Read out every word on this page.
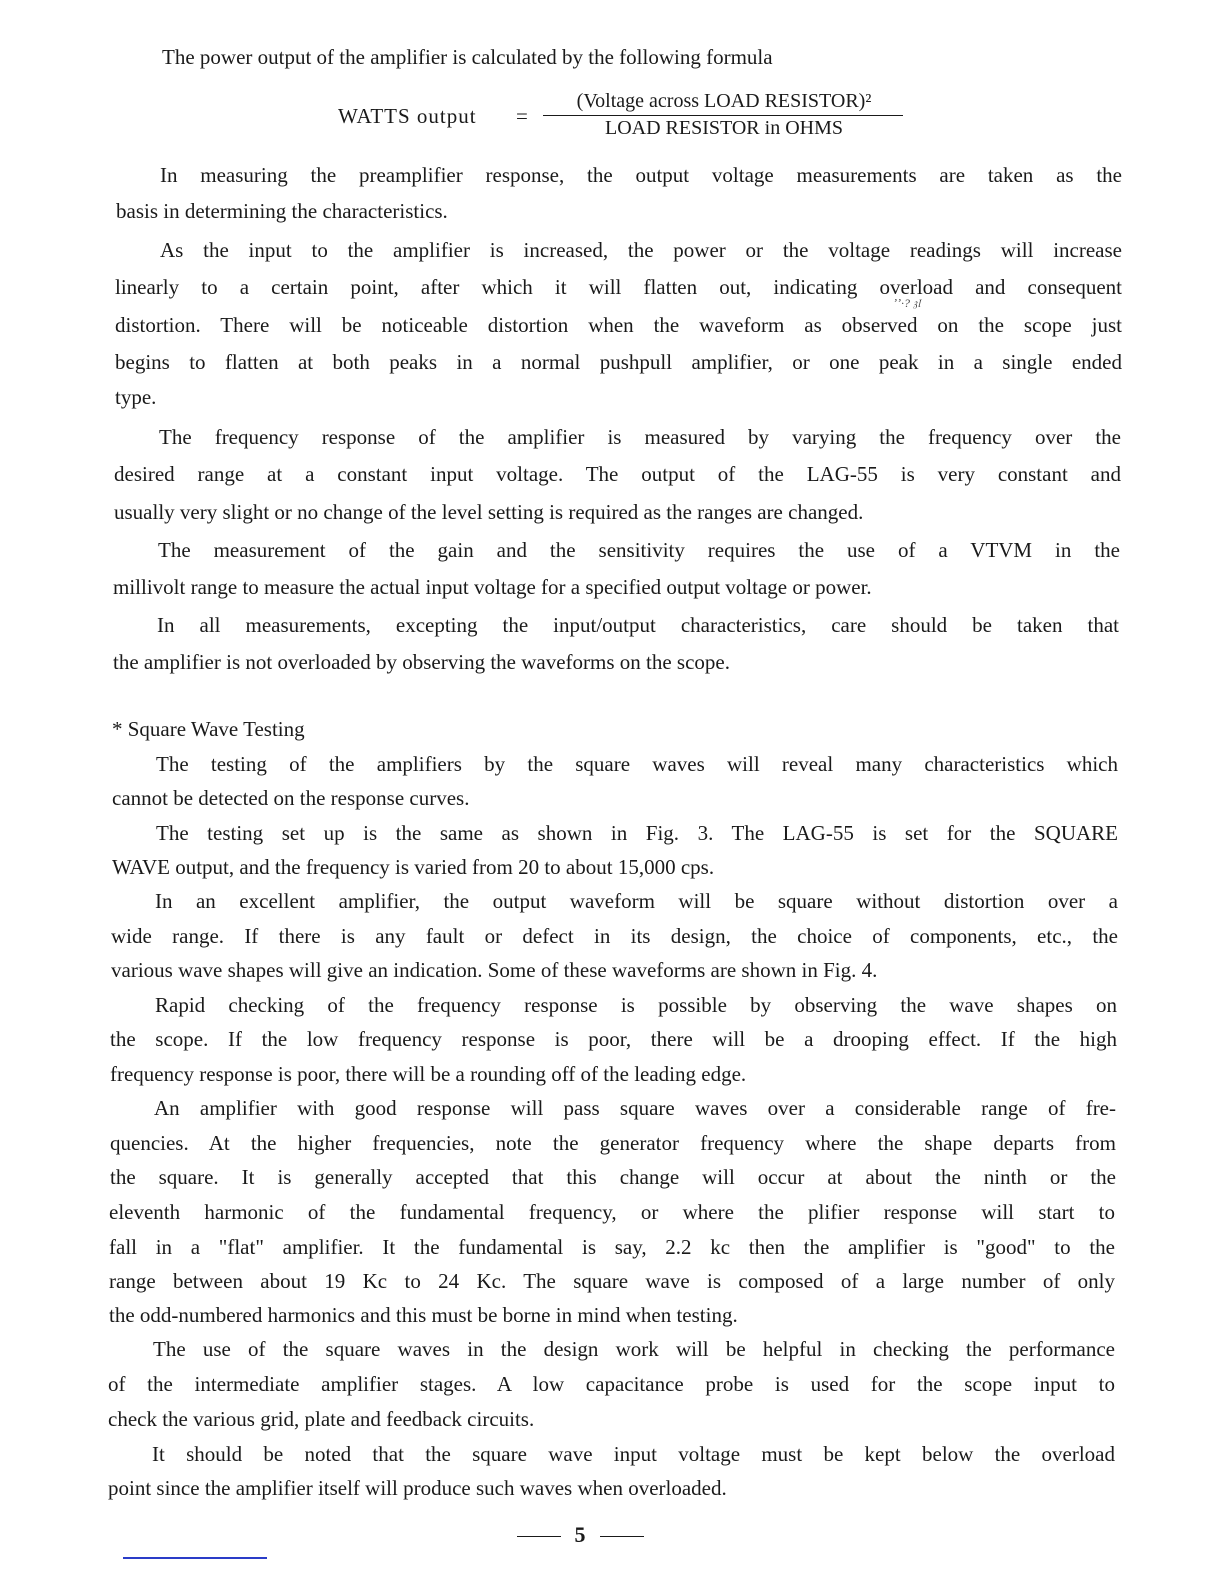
The power output of the amplifier is calculated by the following formula
WATTS output =
(Voltage across LOAD RESISTOR)²
LOAD RESISTOR in OHMS
In measuring the preamplifier response, the output voltage measurements are taken as the
basis in determining the characteristics.
As the input to the amplifier is increased, the power or the voltage readings will increase
linearly to a certain point, after which it will flatten out, indicating overload and consequent
ʼʼ·? 𝔷𝔩
distortion. There will be noticeable distortion when the waveform as observed on the scope just
begins to flatten at both peaks in a normal pushpull amplifier, or one peak in a single ended
type.
The frequency response of the amplifier is measured by varying the frequency over the
desired range at a constant input voltage. The output of the LAG-55 is very constant and
usually very slight or no change of the level setting is required as the ranges are changed.
The measurement of the gain and the sensitivity requires the use of a VTVM in the
millivolt range to measure the actual input voltage for a specified output voltage or power.
In all measurements, excepting the input/output characteristics, care should be taken that
the amplifier is not overloaded by observing the waveforms on the scope.
* Square Wave Testing
The testing of the amplifiers by the square waves will reveal many characteristics which
cannot be detected on the response curves.
The testing set up is the same as shown in Fig. 3. The LAG-55 is set for the SQUARE
WAVE output, and the frequency is varied from 20 to about 15,000 cps.
In an excellent amplifier, the output waveform will be square without distortion over a
wide range. If there is any fault or defect in its design, the choice of components, etc., the
various wave shapes will give an indication. Some of these waveforms are shown in Fig. 4.
Rapid checking of the frequency response is possible by observing the wave shapes on
the scope. If the low frequency response is poor, there will be a drooping effect. If the high
frequency response is poor, there will be a rounding off of the leading edge.
An amplifier with good response will pass square waves over a considerable range of fre-
quencies. At the higher frequencies, note the generator frequency where the shape departs from
the square. It is generally accepted that this change will occur at about the ninth or the
eleventh harmonic of the fundamental frequency, or where the plifier response will start to
fall in a "flat" amplifier. It the fundamental is say, 2.2 kc then the amplifier is "good" to the
range between about 19 Kc to 24 Kc. The square wave is composed of a large number of only
the odd-numbered harmonics and this must be borne in mind when testing.
The use of the square waves in the design work will be helpful in checking the performance
of the intermediate amplifier stages. A low capacitance probe is used for the scope input to
check the various grid, plate and feedback circuits.
It should be noted that the square wave input voltage must be kept below the overload
point since the amplifier itself will produce such waves when overloaded.
5
